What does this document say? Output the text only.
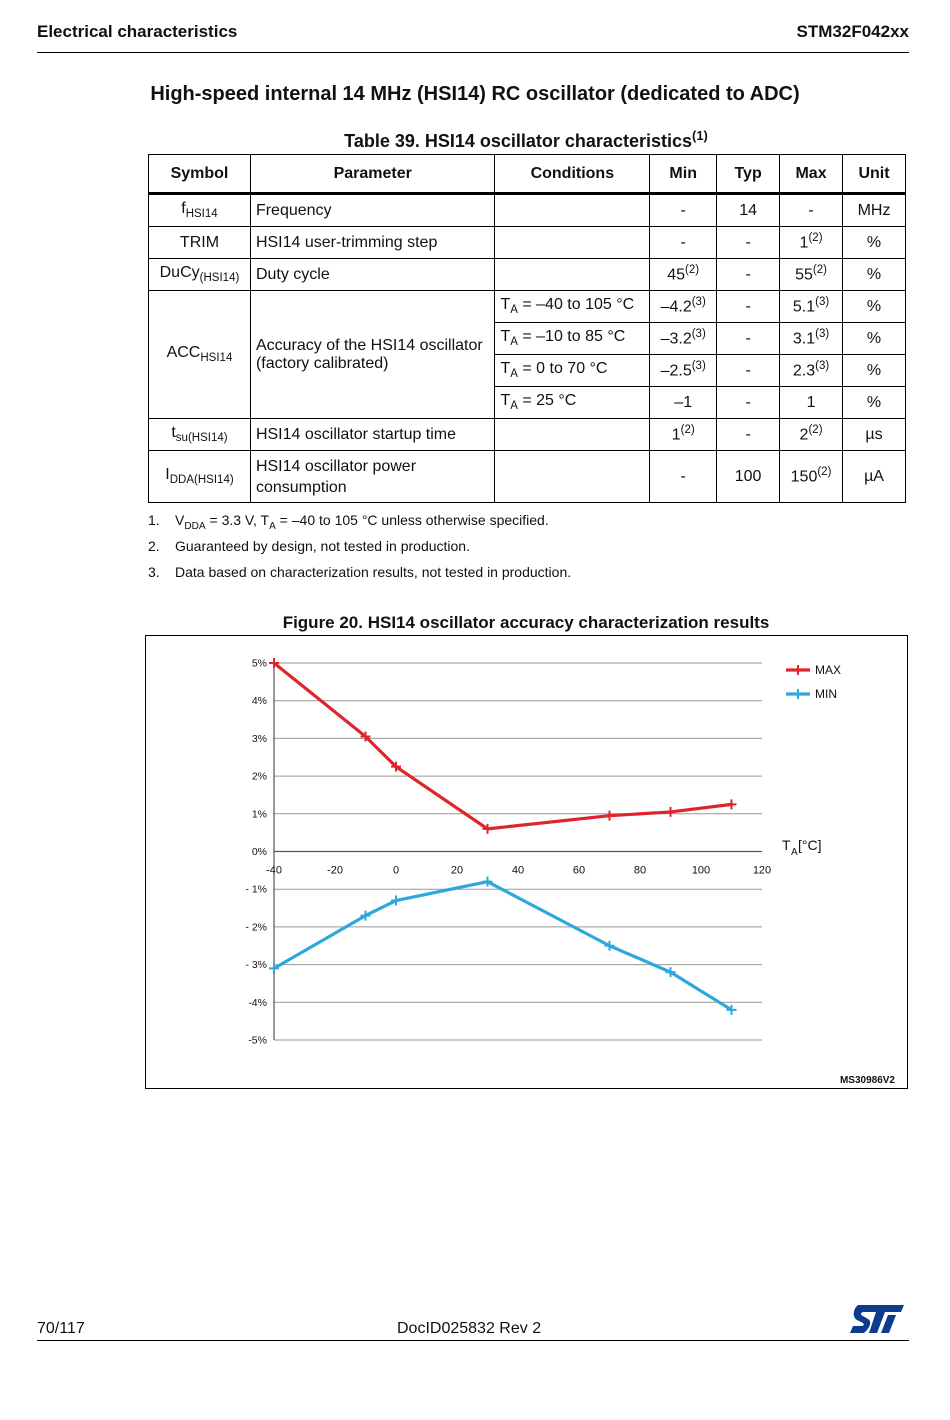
Electrical characteristics	STM32F042xx
High-speed internal 14 MHz (HSI14) RC oscillator (dedicated to ADC)
Table 39. HSI14 oscillator characteristics$^{(1)}$
Symbol	Parameter	Conditions	Min	Typ	Max	Unit
$f_{HSI14}$	Frequency		-	14	-	MHz
TRIM	HSI14 user-trimming step		-	-	1$^{(2)}$	%
DuCy$_{(HSI14)}$	Duty cycle		45$^{(2)}$	-	55$^{(2)}$	%
$ACC_{HSI14}$	Accuracy of the HSI14 oscillator (factory calibrated)	$T_A = -40$ to 105 °C	–4.2$^{(3)}$	-	5.1$^{(3)}$	%
		$T_A = -10$ to 85 °C	–3.2$^{(3)}$	-	3.1$^{(3)}$	%
		$T_A = 0$ to 70 °C	–2.5$^{(3)}$	-	2.3$^{(3)}$	%
		$T_A = 25$ °C	–1	-	1	%
$t_{su(HSI14)}$	HSI14 oscillator startup time		1$^{(2)}$	-	2$^{(2)}$	µs
$I_{DDA(HSI14)}$	HSI14 oscillator power consumption		-	100	150$^{(2)}$	µA
1. $V_{DDA} = 3.3$ V, $T_A = -40$ to 105 °C unless otherwise specified.
2. Guaranteed by design, not tested in production.
3. Data based on characterization results, not tested in production.
Figure 20. HSI14 oscillator accuracy characterization results
5%
4%
3%
2%
1%
0%
- 1%
- 2%
- 3%
-4%
-5%
-40	-20	0	20	40	60	80	100	120
T A [°C]
MAX
MIN
MS30986V2
70/117	DocID025832 Rev 2
